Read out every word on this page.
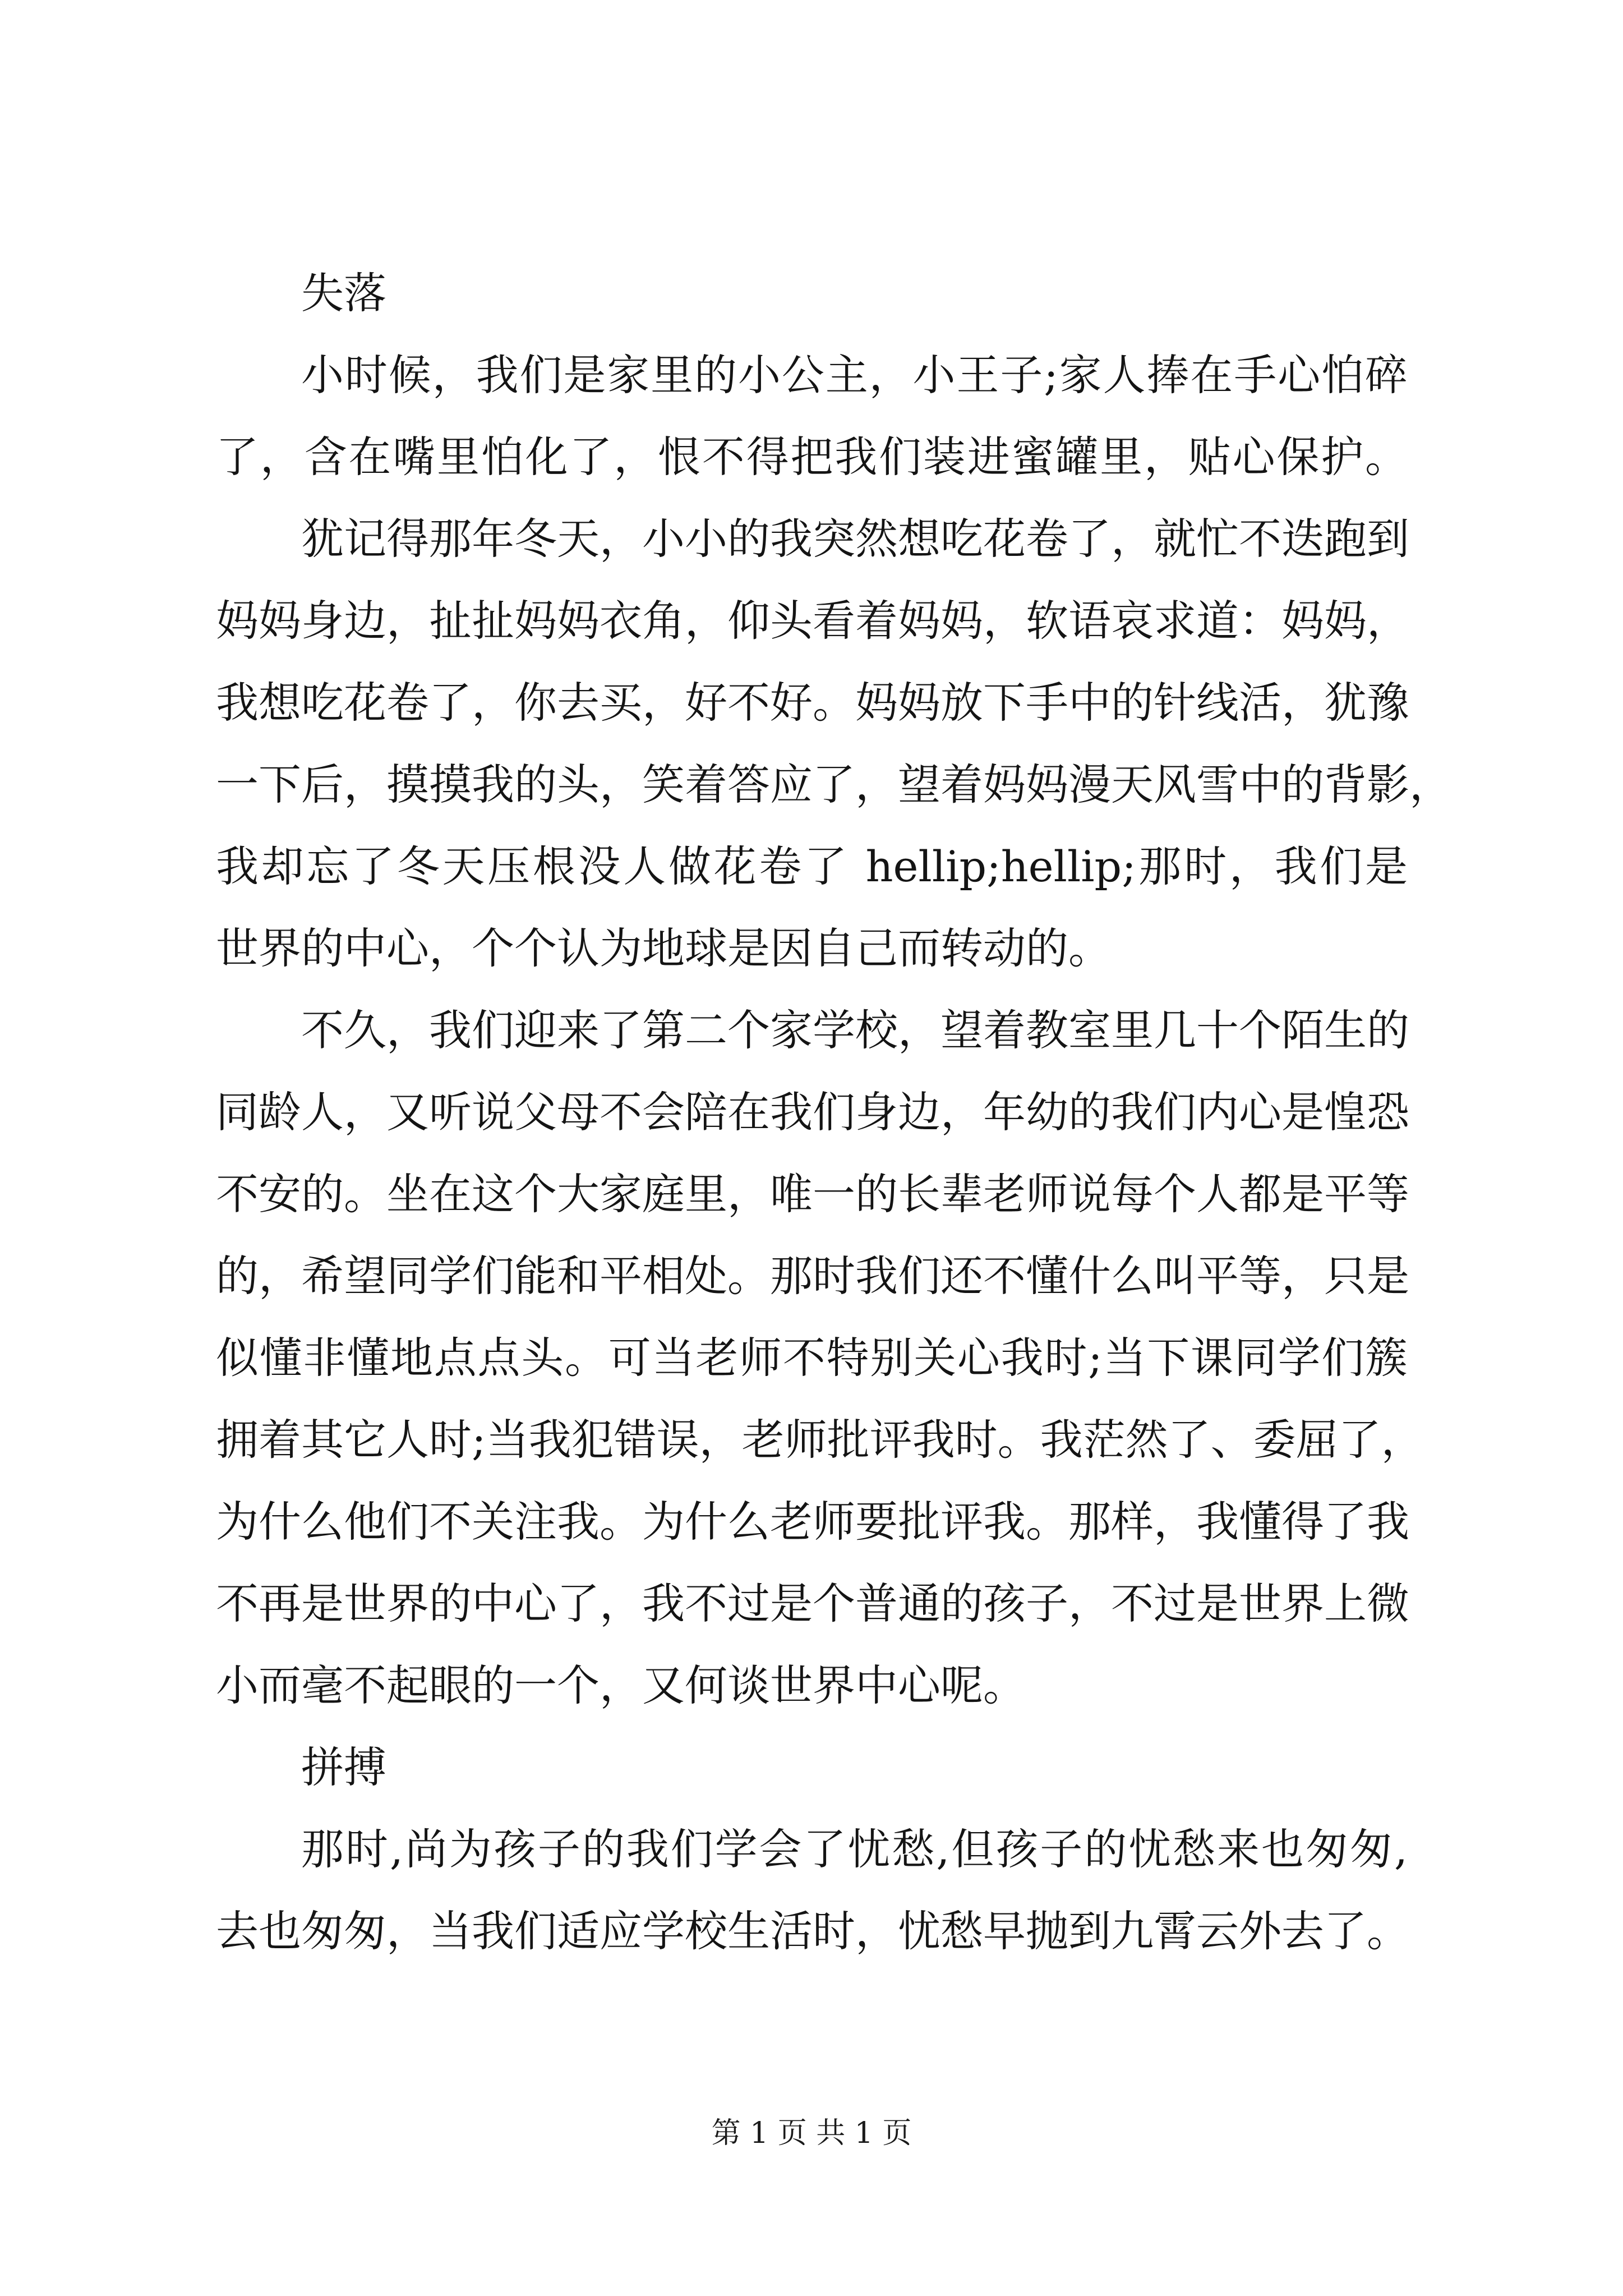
失落
小时候，我们是家里的小公主，小王子;家人捧在手心怕碎
了，含在嘴里怕化了，恨不得把我们装进蜜罐里，贴心保护。
犹记得那年冬天，小小的我突然想吃花卷了，就忙不迭跑到
妈妈身边，扯扯妈妈衣角，仰头看着妈妈，软语哀求道：妈妈，
我想吃花卷了，你去买，好不好。妈妈放下手中的针线活，犹豫
一下后，摸摸我的头，笑着答应了，望着妈妈漫天风雪中的背影，
我却忘了冬天压根没人做花卷了 hellip;hellip;那时，我们是
世界的中心，个个认为地球是因自己而转动的。
不久，我们迎来了第二个家学校，望着教室里几十个陌生的
同龄人，又听说父母不会陪在我们身边，年幼的我们内心是惶恐
不安的。坐在这个大家庭里，唯一的长辈老师说每个人都是平等
的，希望同学们能和平相处。那时我们还不懂什么叫平等，只是
似懂非懂地点点头。可当老师不特别关心我时;当下课同学们簇
拥着其它人时;当我犯错误，老师批评我时。我茫然了、委屈了，
为什么他们不关注我。为什么老师要批评我。那样，我懂得了我
不再是世界的中心了，我不过是个普通的孩子，不过是世界上微
小而毫不起眼的一个，又何谈世界中心呢。
拼搏
那时,尚为孩子的我们学会了忧愁,但孩子的忧愁来也匆匆,
去也匆匆，当我们适应学校生活时，忧愁早抛到九霄云外去了。
第 1 页 共 1 页
